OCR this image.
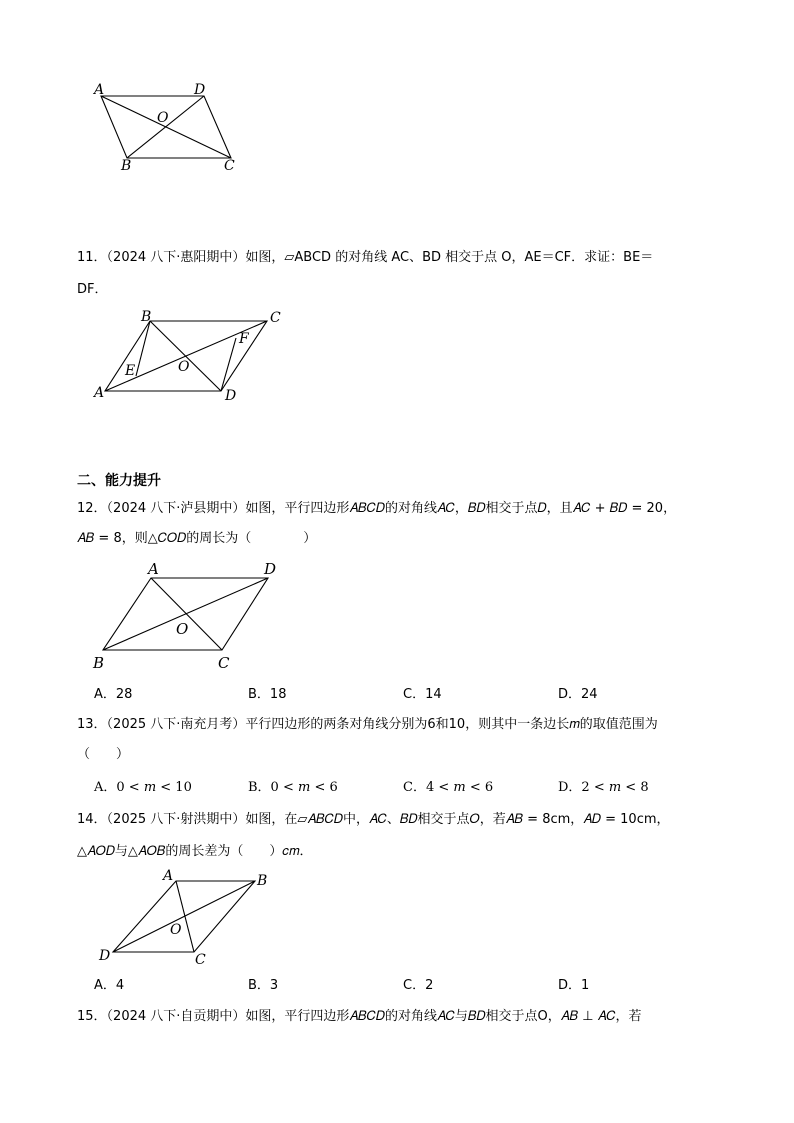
A	D
O
B	C
11．（2024 八下·惠阳期中）如图，▱ABCD 的对角线 AC、BD 相交于点 O，AE＝CF．求证：BE＝
DF．
B	C
F
E	O
A	D
二、能力提升
12．（2024 八下·泸县期中）如图，平行四边形𝐴𝐵𝐶𝐷的对角线𝐴𝐶，𝐵𝐷相交于点𝐷，且𝐴𝐶 + 𝐵𝐷 = 20，
𝐴𝐵 = 8，则△𝐶𝑂𝐷的周长为（　　　　）
A	D
O
B	C
A．28	B．18	C．14	D．24
13．（2025 八下·南充月考）平行四边形的两条对角线分别为6和10，则其中一条边长𝑚的取值范围为
（　　）
A．0 < 𝑚 < 10	B．0 < 𝑚 < 6	C．4 < 𝑚 < 6	D．2 < 𝑚 < 8
14．（2025 八下·射洪期中）如图，在▱𝐴𝐵𝐶𝐷中，𝐴𝐶、𝐵𝐷相交于点𝑂，若𝐴𝐵 = 8cm，𝐴𝐷 = 10cm，
△𝐴𝑂𝐷与△𝐴𝑂𝐵的周长差为（　　）𝑐𝑚．
A	B
O
D	C
A．4	B．3	C．2	D．1
15．（2024 八下·自贡期中）如图，平行四边形𝐴𝐵𝐶𝐷的对角线𝐴𝐶与𝐵𝐷相交于点O，𝐴𝐵 ⊥ 𝐴𝐶，若
